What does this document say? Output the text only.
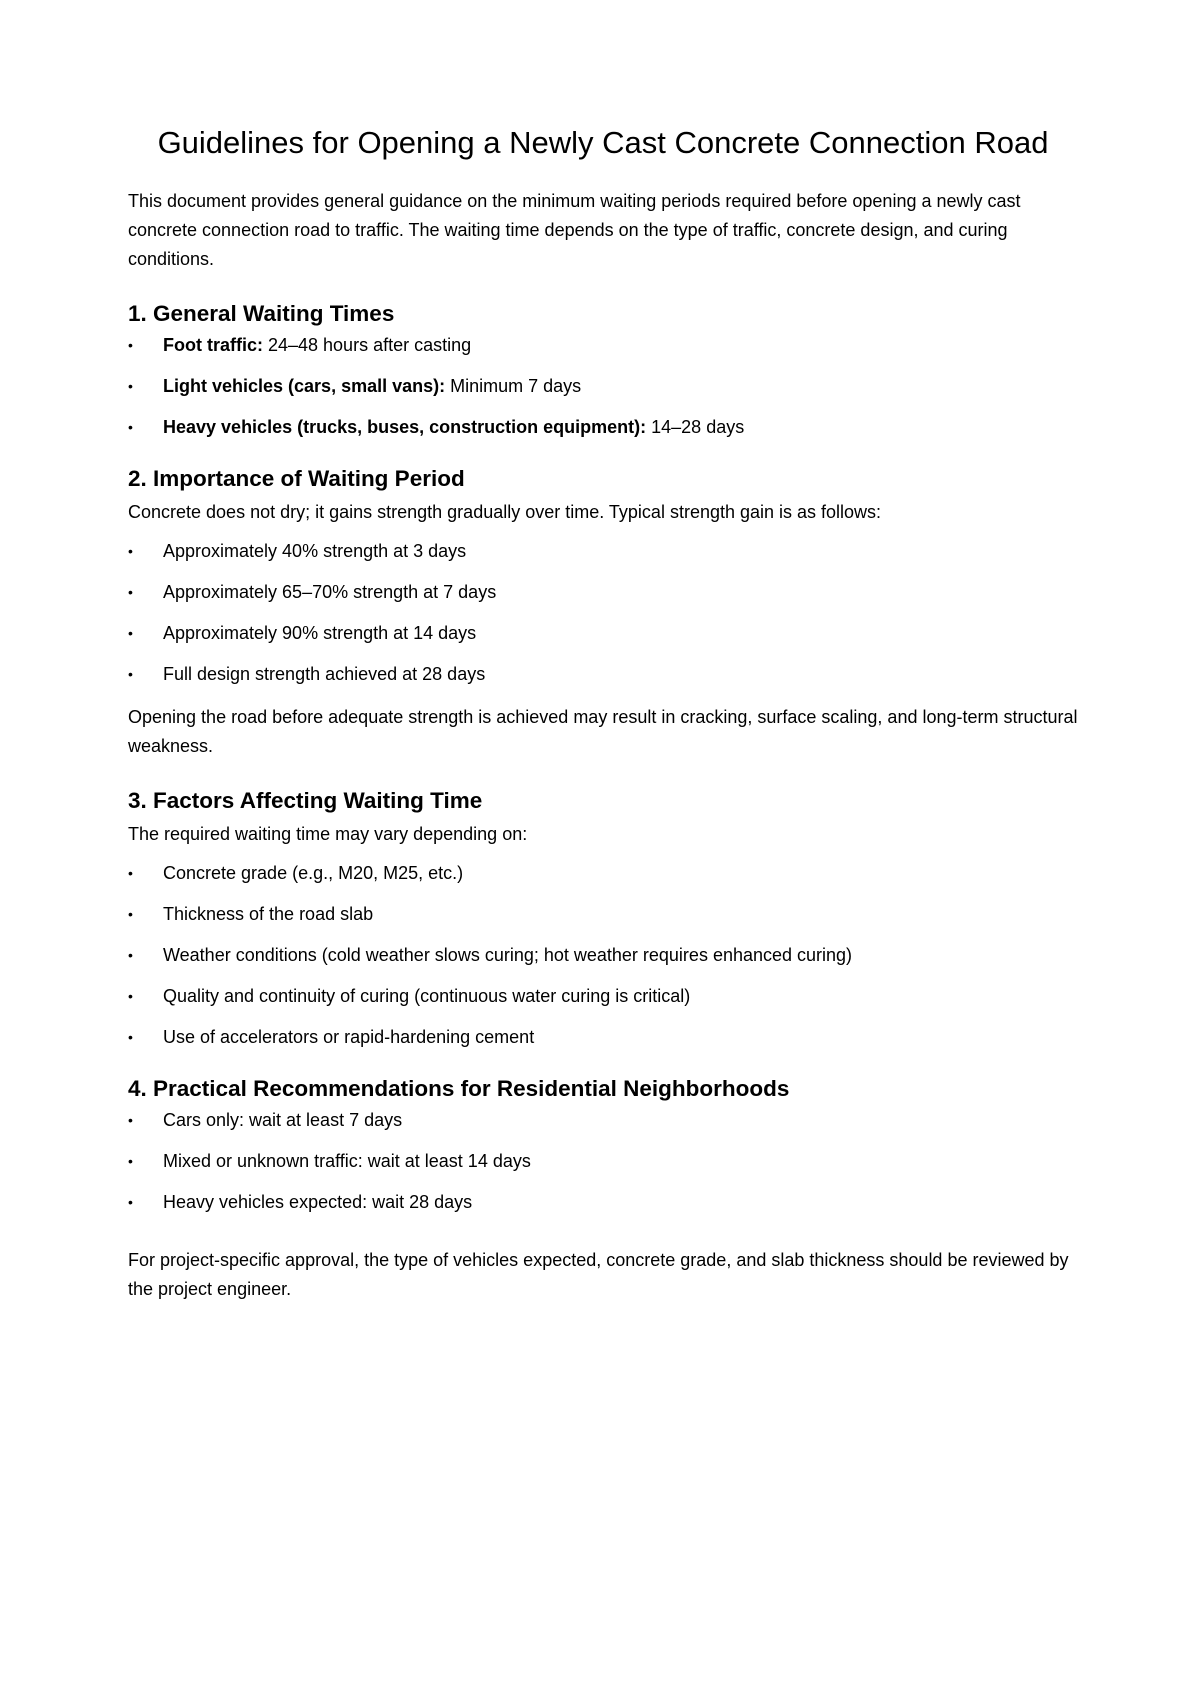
Guidelines for Opening a Newly Cast Concrete Connection Road

This document provides general guidance on the minimum waiting periods required before opening a newly cast concrete connection road to traffic. The waiting time depends on the type of traffic, concrete design, and curing conditions.

1. General Waiting Times
• Foot traffic: 24–48 hours after casting
• Light vehicles (cars, small vans): Minimum 7 days
• Heavy vehicles (trucks, buses, construction equipment): 14–28 days
2. Importance of Waiting Period

Concrete does not dry; it gains strength gradually over time. Typical strength gain is as follows:

• Approximately 40% strength at 3 days
• Approximately 65–70% strength at 7 days
• Approximately 90% strength at 14 days
• Full design strength achieved at 28 days

Opening the road before adequate strength is achieved may result in cracking, surface scaling, and long-term structural weakness.

3. Factors Affecting Waiting Time

The required waiting time may vary depending on:

• Concrete grade (e.g., M20, M25, etc.)
• Thickness of the road slab
• Weather conditions (cold weather slows curing; hot weather requires enhanced curing)
• Quality and continuity of curing (continuous water curing is critical)
• Use of accelerators or rapid-hardening cement
4. Practical Recommendations for Residential Neighborhoods
• Cars only: wait at least 7 days
• Mixed or unknown traffic: wait at least 14 days
• Heavy vehicles expected: wait 28 days

For project-specific approval, the type of vehicles expected, concrete grade, and slab thickness should be reviewed by the project engineer.
